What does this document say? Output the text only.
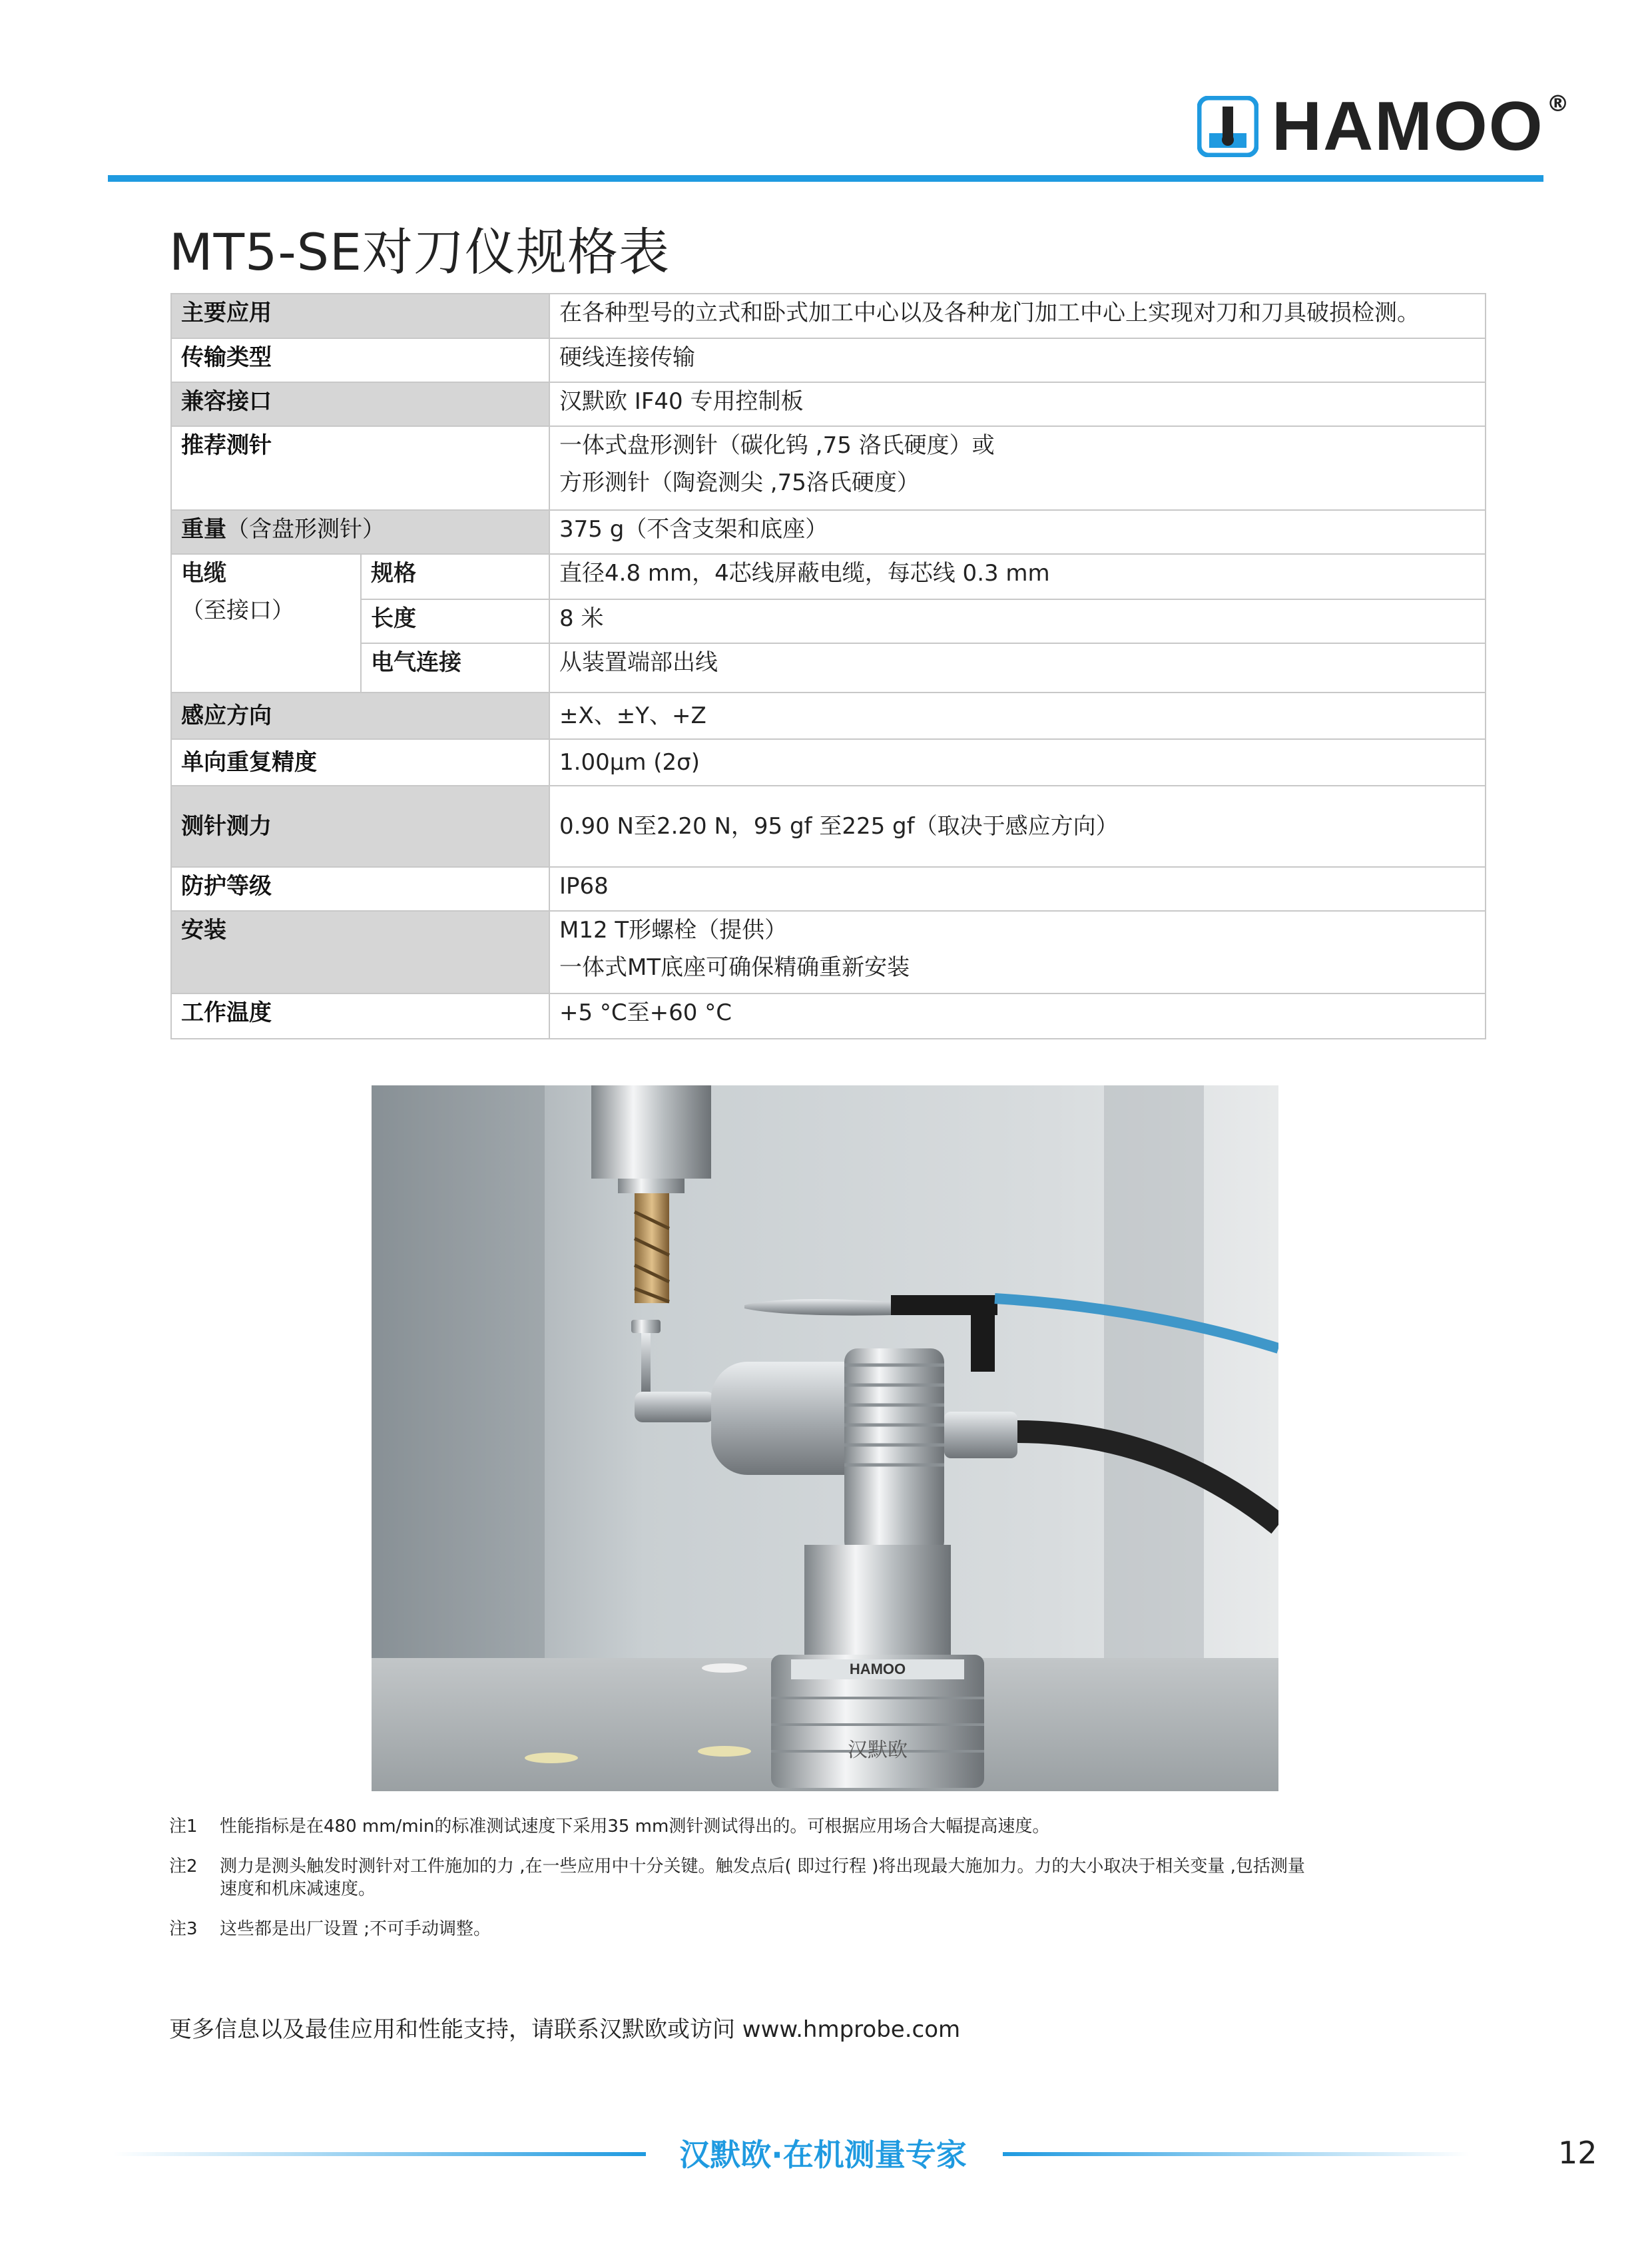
HAMOO ®
MT5-SE对刀仪规格表
主要应用		在各种型号的立式和卧式加工中心以及各种龙门加工中心上实现对刀和刀具破损检测。
传输类型		硬线连接传输
兼容接口		汉默欧 IF40 专用控制板
推荐测针		一体式盘形测针（碳化钨 ,75 洛氏硬度）或
方形测针（陶瓷测尖 ,75洛氏硬度）

重量（含盘形测针）		375 g（不含支架和底座）

电缆
（至接口）	规格	直径4.8 mm，4芯线屏蔽电缆，每芯线 0.3 mm
	长度	8 米
	电气连接	从装置端部出线
感应方向		±X、±Y、+Z
单向重复精度		1.00μm (2σ)
测针测力		0.90 N至2.20 N，95 gf 至225 gf（取决于感应方向）
防护等级		IP68
安装		M12 T形螺栓（提供）
一体式MT底座可确保精确重新安装

工作温度		+5 °C至+60 °C
HAMOO
汉默欧
注1	性能指标是在480 mm/min的标准测试速度下采用35 mm测针测试得出的。可根据应用场合大幅提高速度。
注2	测力是测头触发时测针对工件施加的力 ,在一些应用中十分关键。触发点后( 即过行程 )将出现最大施加力。力的大小取决于相关变量 ,包括测量
速度和机床减速度。
注3	这些都是出厂设置 ;不可手动调整。
更多信息以及最佳应用和性能支持，请联系汉默欧或访问 www.hmprobe.com
汉默欧·在机测量专家	12
